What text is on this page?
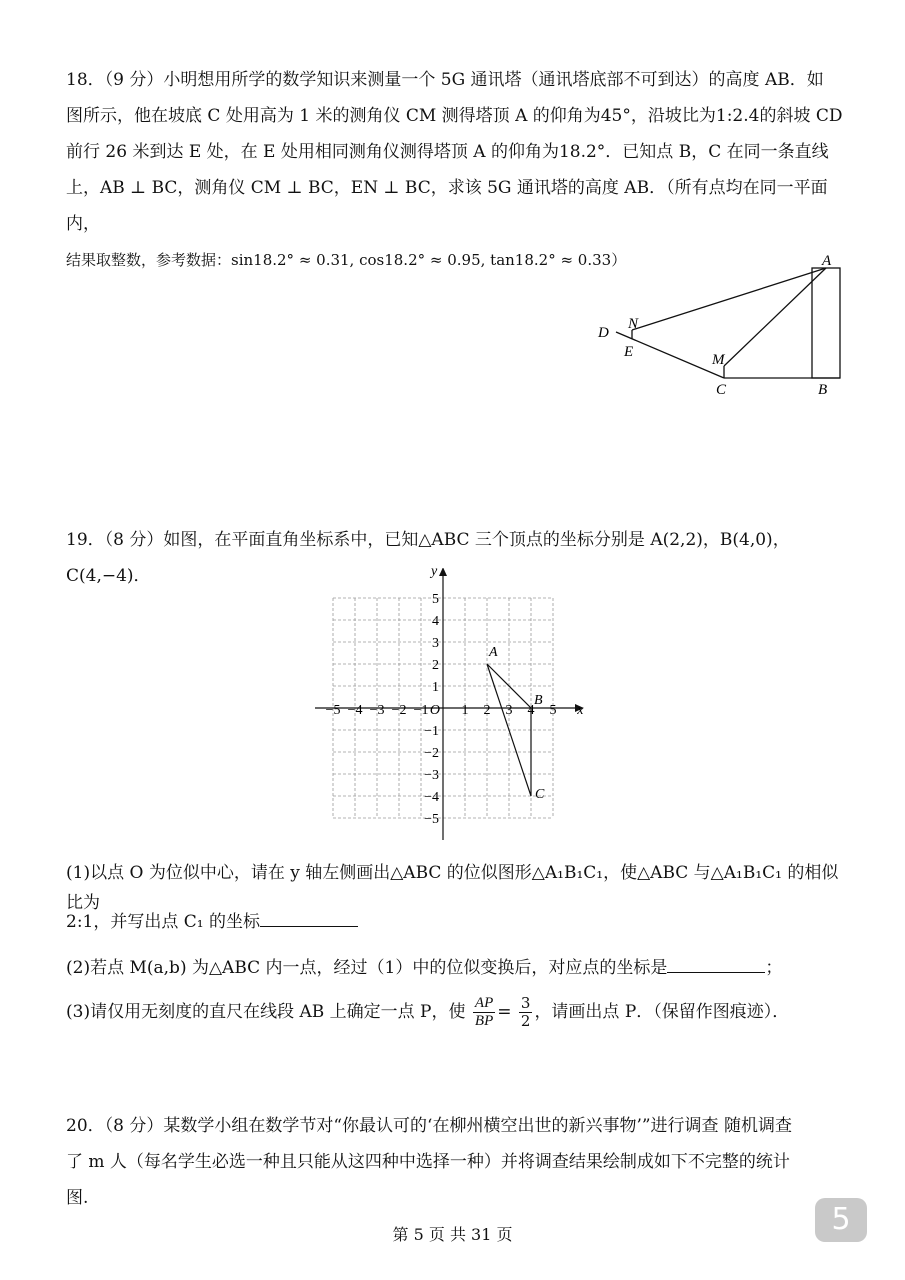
18．（9 分）小明想用所学的数学知识来测量一个 5G 通讯塔（通讯塔底部不可到达）的高度 AB．如

图所示，他在坡底 C 处用高为 1 米的测角仪 CM 测得塔顶 A 的仰角为45°，沿坡比为1:2.4的斜坡 CD

前行 26 米到达 E 处，在 E 处用相同测角仪测得塔顶 A 的仰角为18.2°．已知点 B，C 在同一条直线

上，AB ⊥ BC，测角仪 CM ⊥ BC，EN ⊥ BC，求该 5G 通讯塔的高度 AB．（所有点均在同一平面内，

结果取整数，参考数据：sin18.2° ≈ 0.31, cos18.2° ≈ 0.95, tan18.2° ≈ 0.33）	A
B
C
D
E	M
N

19．（8 分）如图，在平面直角坐标系中，已知△ABC 三个顶点的坐标分别是 A(2,2)，B(4,0)，C(4,−4)．

x
y
−5 −4 −3 −2 −1 1 2 3 4 5
5
4
3
2
1
−1
−2
−3
−4
−5
O
A
B
C
(1)以点 O 为位似中心，请在 y 轴左侧画出△ABC 的位似图形△A₁B₁C₁，使△ABC 与△A₁B₁C₁ 的相似比为
2:1，并写出点 C₁ 的坐标
(2)若点 M(a,b) 为△ABC 内一点，经过（1）中的位似变换后，对应点的坐标是	；
(3)请仅用无刻度的直尺在线段 AB 上确定一点 P，使 $\frac{AP}{BP} = \frac{3}{2}$ ，请画出点 P．（保留作图痕迹）．

20．（8 分）某数学小组在数学节对“你最认可的‘在柳州横空出世的新兴事物’”进行调查 随机调查

了 m 人（每名学生必选一种且只能从这四种中选择一种）并将调查结果绘制成如下不完整的统计

图.

第 5 页 共 31 页	5
